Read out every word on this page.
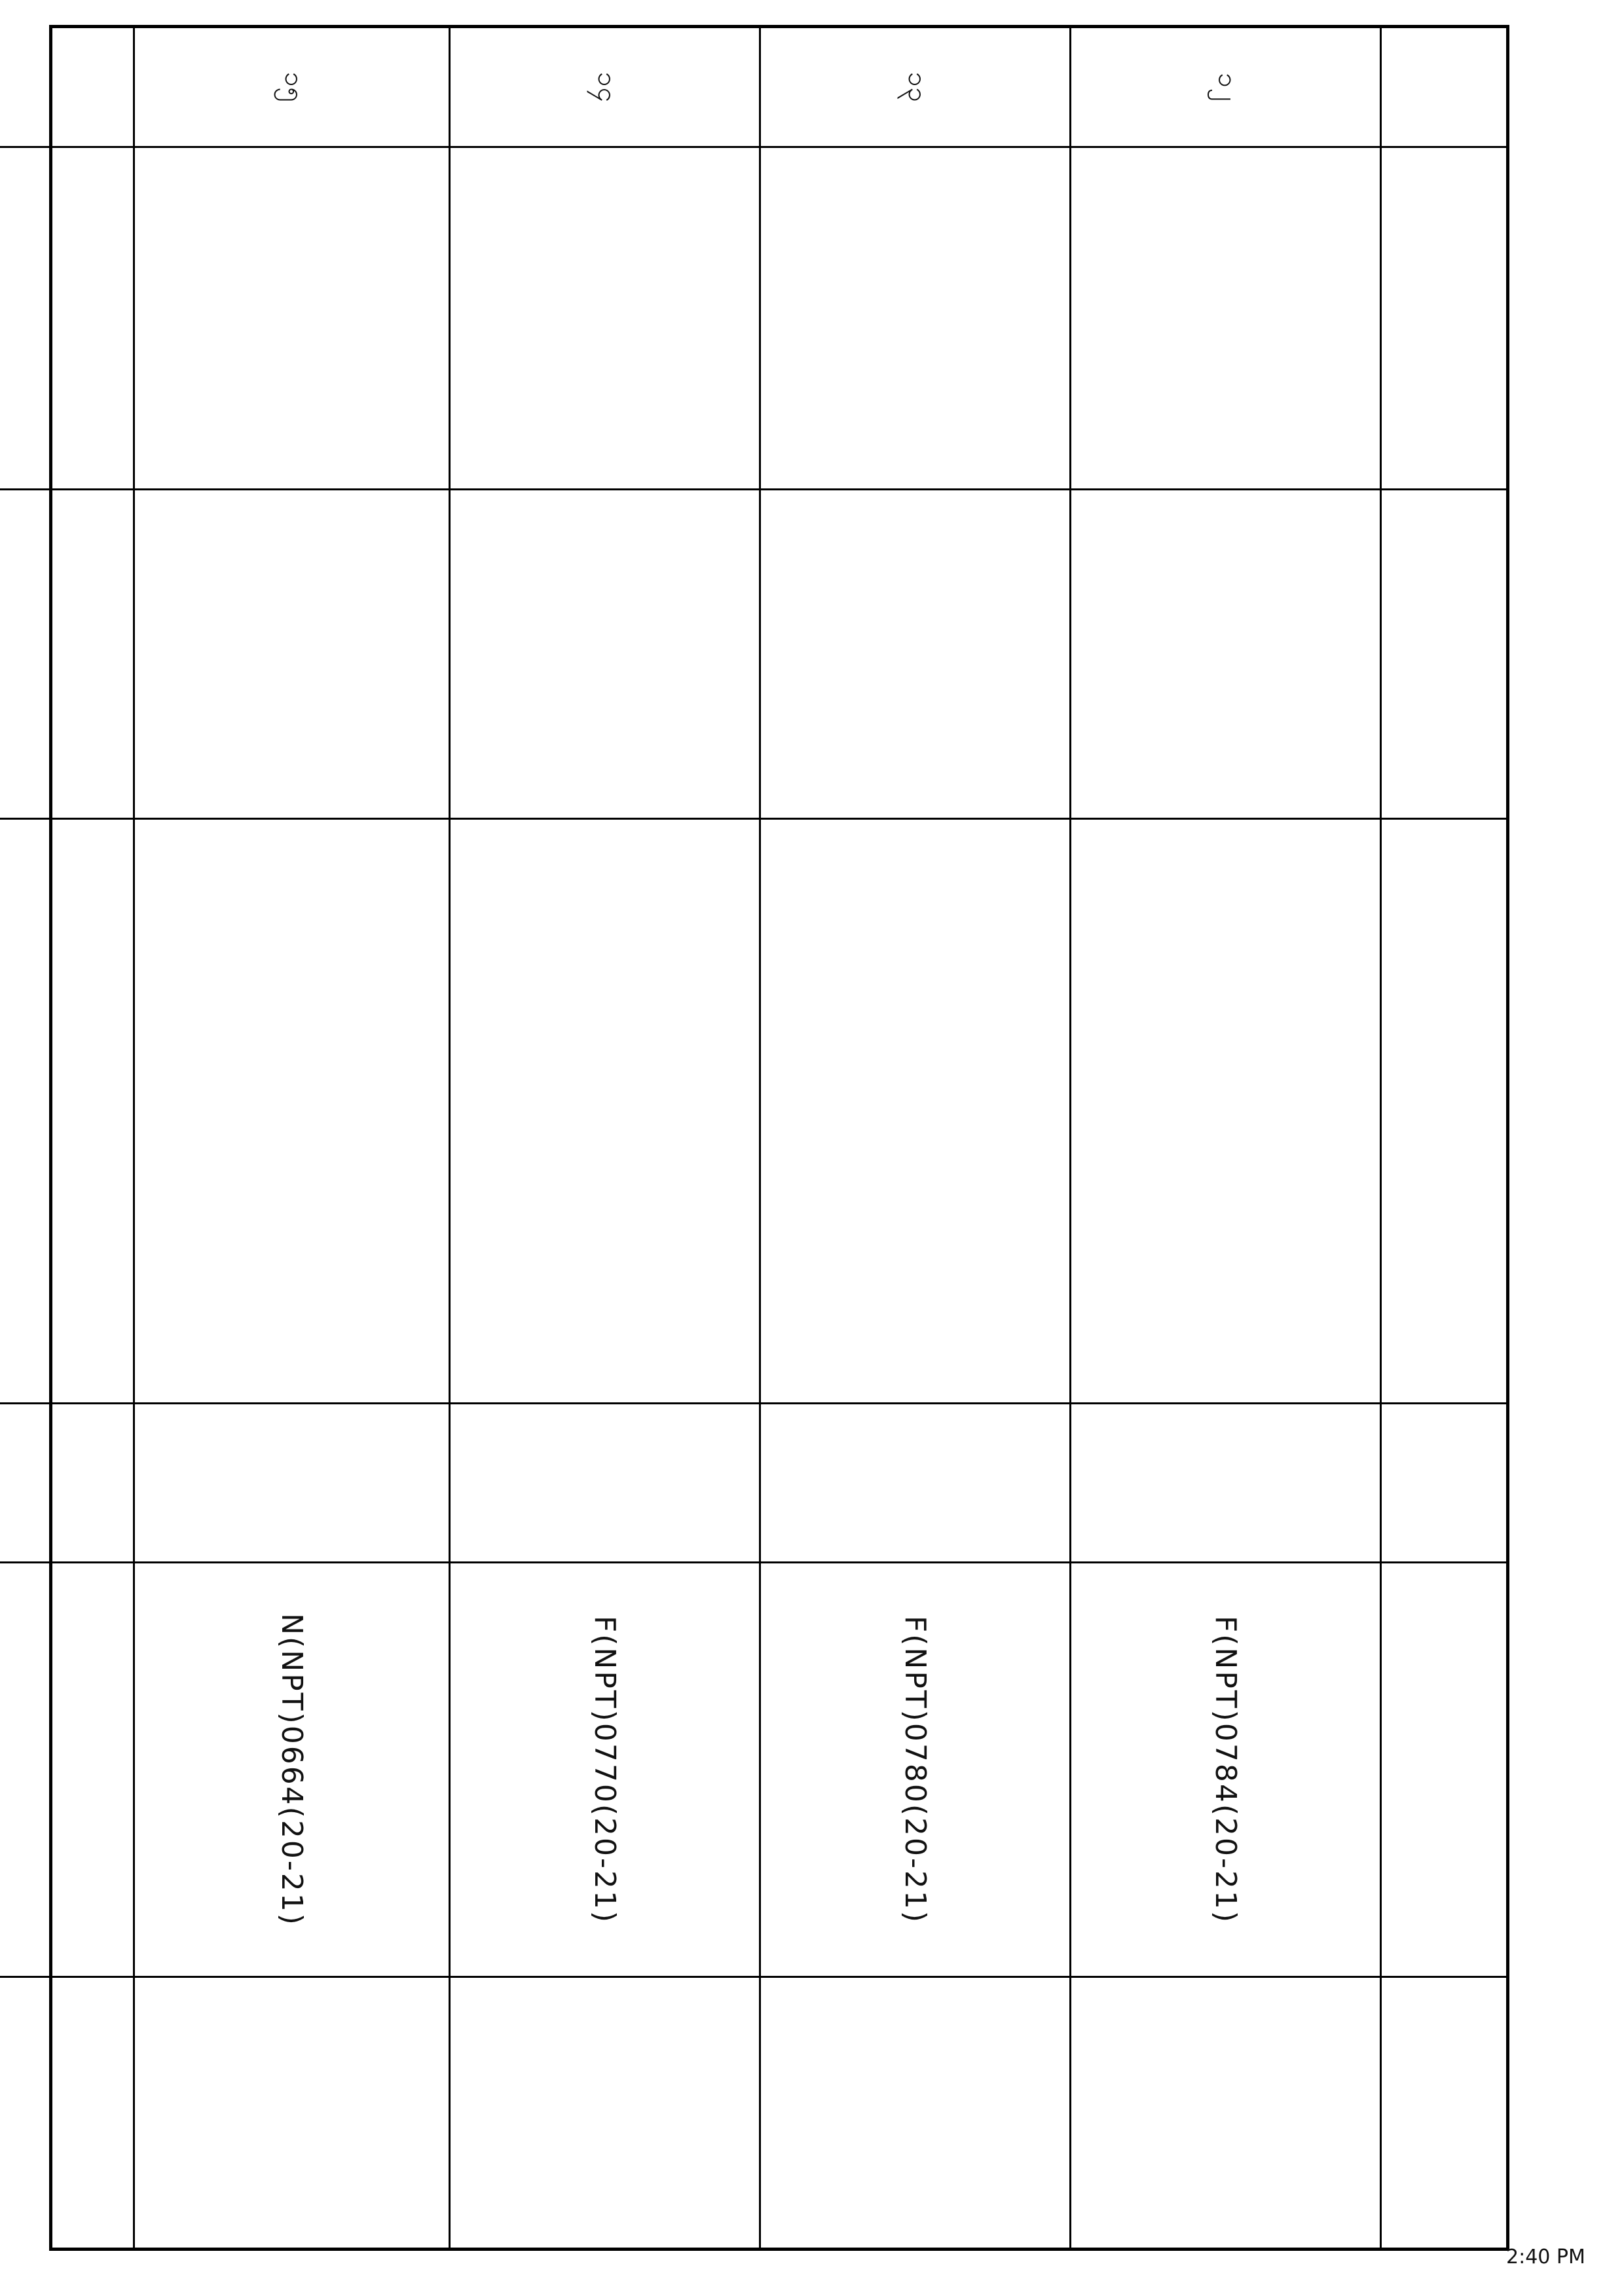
၁၂
F(NPT)0784(20-21)
၁၃
F(NPT)0780(20-21)
၁၄
F(NPT)0770(20-21)
၁၅
N(NPT)0664(20-21)
2:40 PM
